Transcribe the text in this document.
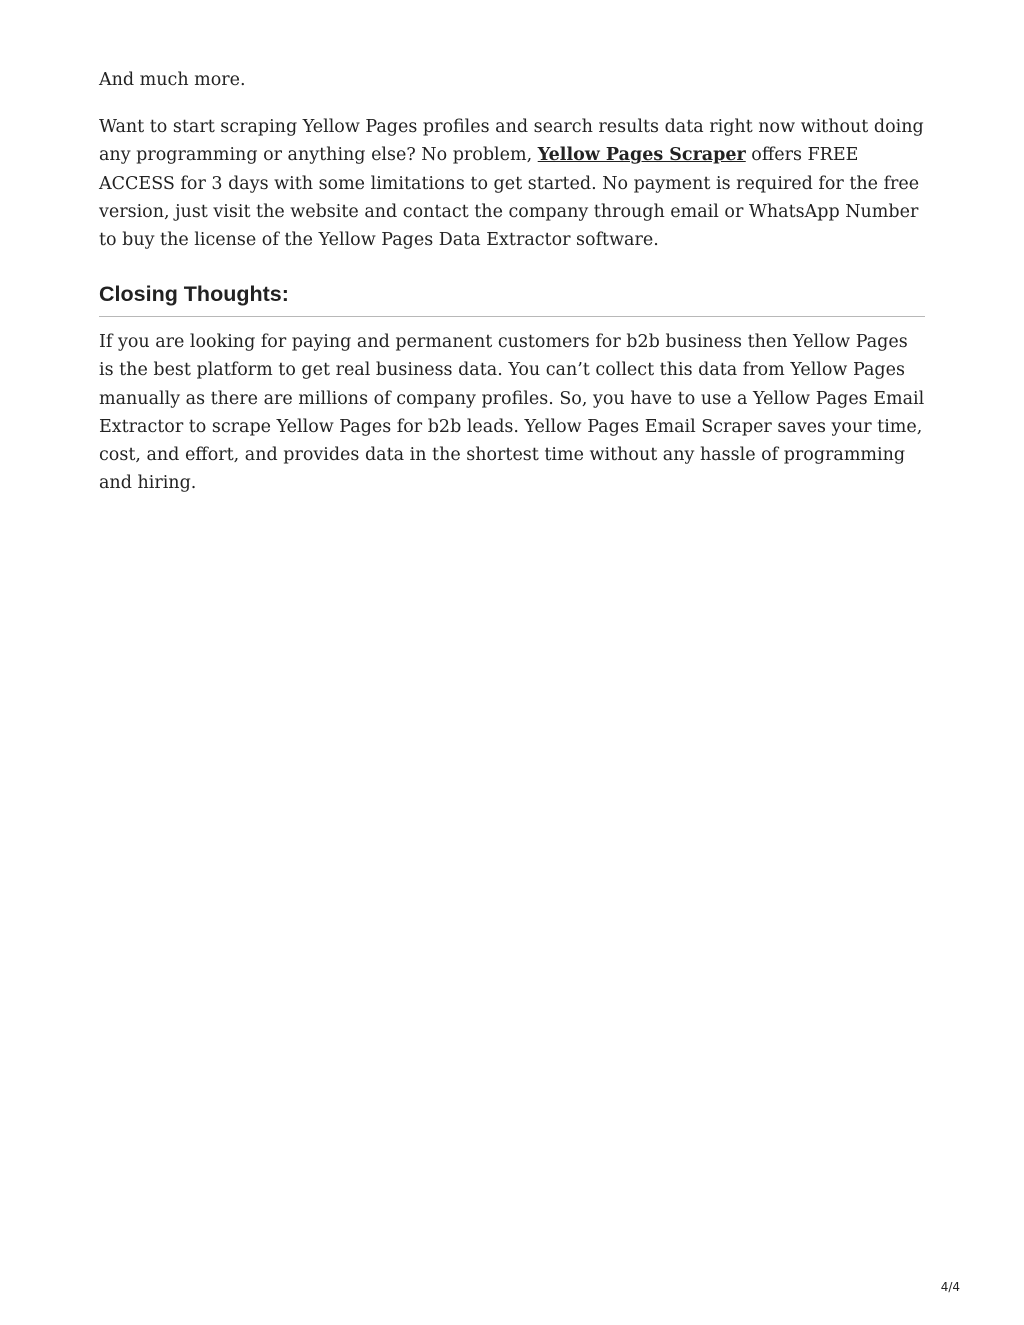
And much more.

Want to start scraping Yellow Pages profiles and search results data right now without doing any programming or anything else? No problem, Yellow Pages Scraper offers FREE ACCESS for 3 days with some limitations to get started. No payment is required for the free version, just visit the website and contact the company through email or WhatsApp Number to buy the license of the Yellow Pages Data Extractor software.

Closing Thoughts:

If you are looking for paying and permanent customers for b2b business then Yellow Pages is the best platform to get real business data. You can’t collect this data from Yellow Pages manually as there are millions of company profiles. So, you have to use a Yellow Pages Email Extractor to scrape Yellow Pages for b2b leads. Yellow Pages Email Scraper saves your time, cost, and effort, and provides data in the shortest time without any hassle of programming and hiring.

4/4
